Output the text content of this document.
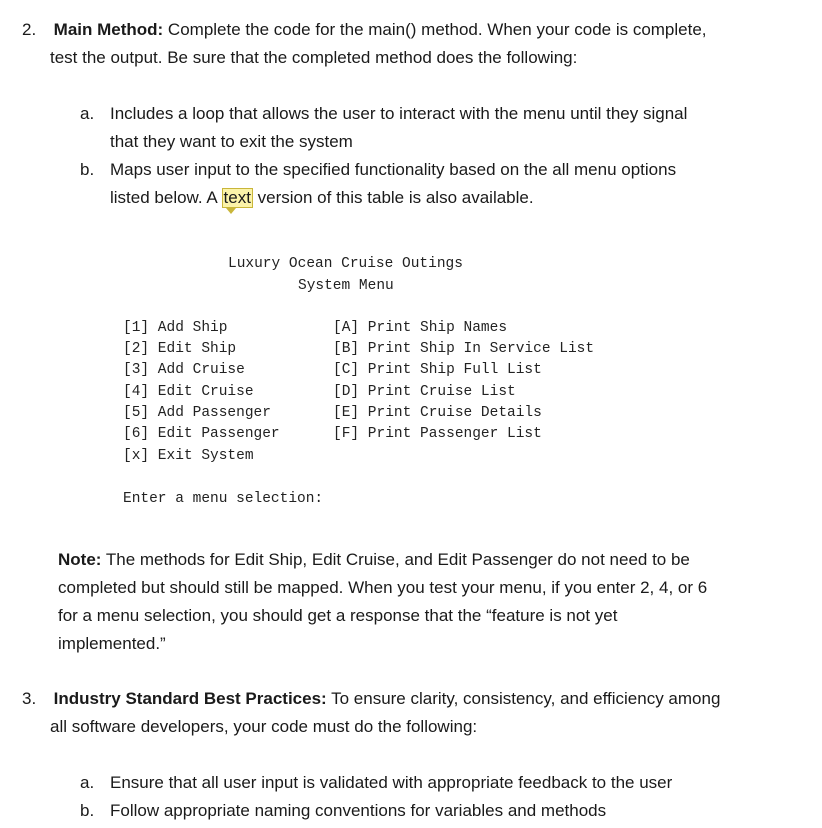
2. Main Method: Complete the code for the main() method. When your code is complete,
test the output. Be sure that the completed method does the following:
a. Includes a loop that allows the user to interact with the menu until they signal
that they want to exit the system
b. Maps user input to the specified functionality based on the all menu options
listed below. A text version of this table is also available.
Luxury Ocean Cruise Outings
System Menu
[1] Add Ship
[2] Edit Ship
[3] Add Cruise
[4] Edit Cruise
[5] Add Passenger
[6] Edit Passenger
[x] Exit System
[A] Print Ship Names
[B] Print Ship In Service List
[C] Print Ship Full List
[D] Print Cruise List
[E] Print Cruise Details
[F] Print Passenger List
Enter a menu selection:
Note: The methods for Edit Ship, Edit Cruise, and Edit Passenger do not need to be
completed but should still be mapped. When you test your menu, if you enter 2, 4, or 6
for a menu selection, you should get a response that the “feature is not yet
implemented.”
3. Industry Standard Best Practices: To ensure clarity, consistency, and efficiency among
all software developers, your code must do the following:
a. Ensure that all user input is validated with appropriate feedback to the user
b. Follow appropriate naming conventions for variables and methods
